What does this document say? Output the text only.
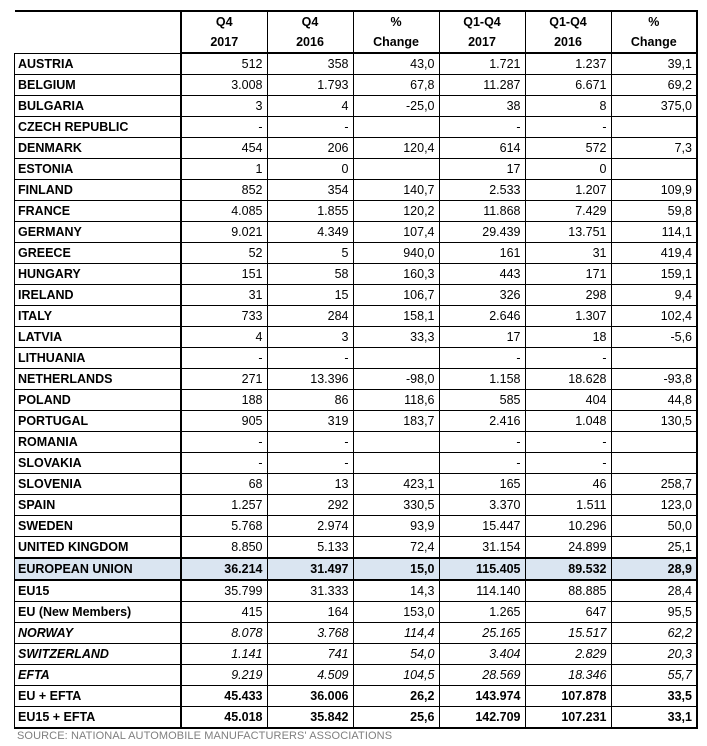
	Q4	Q4	%	Q1-Q4	Q1-Q4	%
	2017	2016	Change	2017	2016	Change
AUSTRIA	512	358	43,0	1.721	1.237	39,1
BELGIUM	3.008	1.793	67,8	11.287	6.671	69,2
BULGARIA	3	4	-25,0	38	8	375,0
CZECH REPUBLIC	-	-		-	-	
DENMARK	454	206	120,4	614	572	7,3
ESTONIA	1	0		17	0	
FINLAND	852	354	140,7	2.533	1.207	109,9
FRANCE	4.085	1.855	120,2	11.868	7.429	59,8
GERMANY	9.021	4.349	107,4	29.439	13.751	114,1
GREECE	52	5	940,0	161	31	419,4
HUNGARY	151	58	160,3	443	171	159,1
IRELAND	31	15	106,7	326	298	9,4
ITALY	733	284	158,1	2.646	1.307	102,4
LATVIA	4	3	33,3	17	18	-5,6
LITHUANIA	-	-		-	-	
NETHERLANDS	271	13.396	-98,0	1.158	18.628	-93,8
POLAND	188	86	118,6	585	404	44,8
PORTUGAL	905	319	183,7	2.416	1.048	130,5
ROMANIA	-	-		-	-	
SLOVAKIA	-	-		-	-	
SLOVENIA	68	13	423,1	165	46	258,7
SPAIN	1.257	292	330,5	3.370	1.511	123,0
SWEDEN	5.768	2.974	93,9	15.447	10.296	50,0
UNITED KINGDOM	8.850	5.133	72,4	31.154	24.899	25,1
EUROPEAN UNION	36.214	31.497	15,0	115.405	89.532	28,9
EU15	35.799	31.333	14,3	114.140	88.885	28,4
EU (New Members)	415	164	153,0	1.265	647	95,5
NORWAY	8.078	3.768	114,4	25.165	15.517	62,2
SWITZERLAND	1.141	741	54,0	3.404	2.829	20,3
EFTA	9.219	4.509	104,5	28.569	18.346	55,7
EU + EFTA	45.433	36.006	26,2	143.974	107.878	33,5
EU15 + EFTA	45.018	35.842	25,6	142.709	107.231	33,1
SOURCE: NATIONAL AUTOMOBILE MANUFACTURERS' ASSOCIATIONS
